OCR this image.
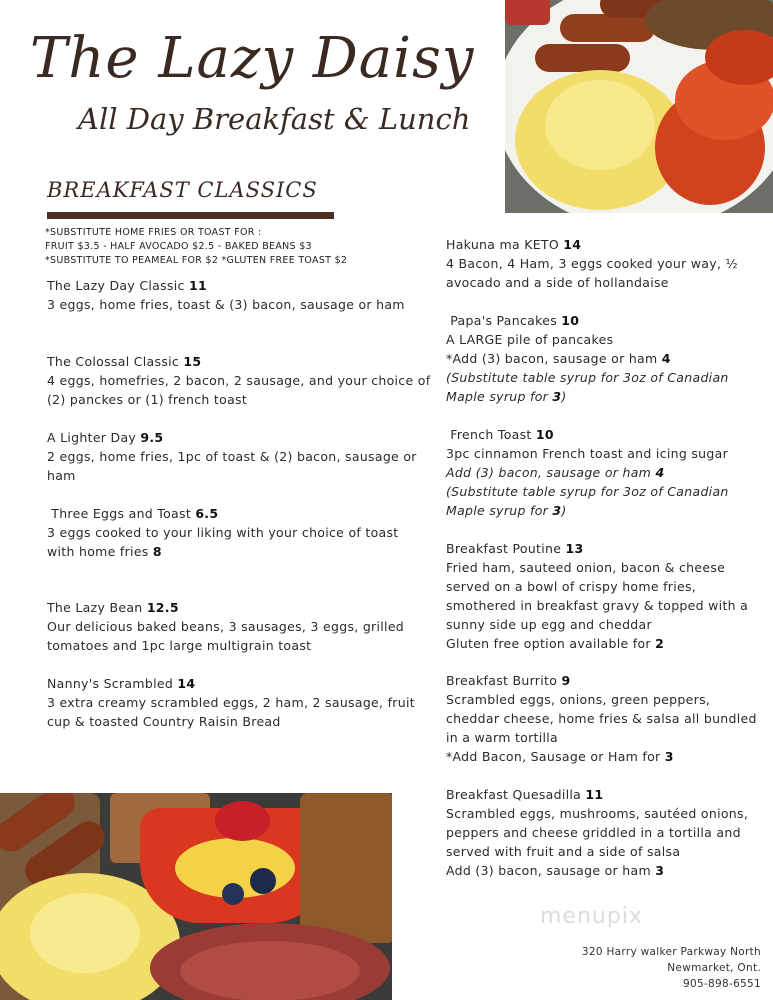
The Lazy Daisy
All Day Breakfast & Lunch
BREAKFAST CLASSICS
*SUBSTITUTE HOME FRIES OR TOAST FOR :
FRUIT $3.5 - HALF AVOCADO $2.5 - BAKED BEANS $3
*SUBSTITUTE TO PEAMEAL FOR $2 *GLUTEN FREE TOAST $2
The Lazy Day Classic 11
3 eggs, home fries, toast & (3) bacon, sausage or ham
The Colossal Classic 15
4 eggs, homefries, 2 bacon, 2 sausage, and your choice of (2) panckes or (1) french toast
A Lighter Day 9.5
2 eggs, home fries, 1pc of toast & (2) bacon, sausage or ham
Three Eggs and Toast 6.5
3 eggs cooked to your liking with your choice of toast
with home fries 8
The Lazy Bean 12.5
Our delicious baked beans, 3 sausages, 3 eggs, grilled tomatoes and 1pc large multigrain toast
Nanny's Scrambled 14
3 extra creamy scrambled eggs, 2 ham, 2 sausage, fruit cup & toasted Country Raisin Bread
Hakuna ma KETO 14
4 Bacon, 4 Ham, 3 eggs cooked your way, ½ avocado and a side of hollandaise
Papa's Pancakes 10
A LARGE pile of pancakes
*Add (3) bacon, sausage or ham 4
(Substitute table syrup for 3oz of Canadian Maple syrup for 3)
French Toast 10
3pc cinnamon French toast and icing sugar
Add (3) bacon, sausage or ham 4
(Substitute table syrup for 3oz of Canadian Maple syrup for 3)
Breakfast Poutine 13
Fried ham, sauteed onion, bacon & cheese served on a bowl of crispy home fries, smothered in breakfast gravy & topped with a sunny side up egg and cheddar
Gluten free option available for 2
Breakfast Burrito 9
Scrambled eggs, onions, green peppers, cheddar cheese, home fries & salsa all bundled in a warm tortilla
*Add Bacon, Sausage or Ham for 3
Breakfast Quesadilla 11
Scrambled eggs, mushrooms, sautéed onions, peppers and cheese griddled in a tortilla and served with fruit and a side of salsa
Add (3) bacon, sausage or ham 3
menupix
320 Harry walker Parkway North
Newmarket, Ont.
905-898-6551
